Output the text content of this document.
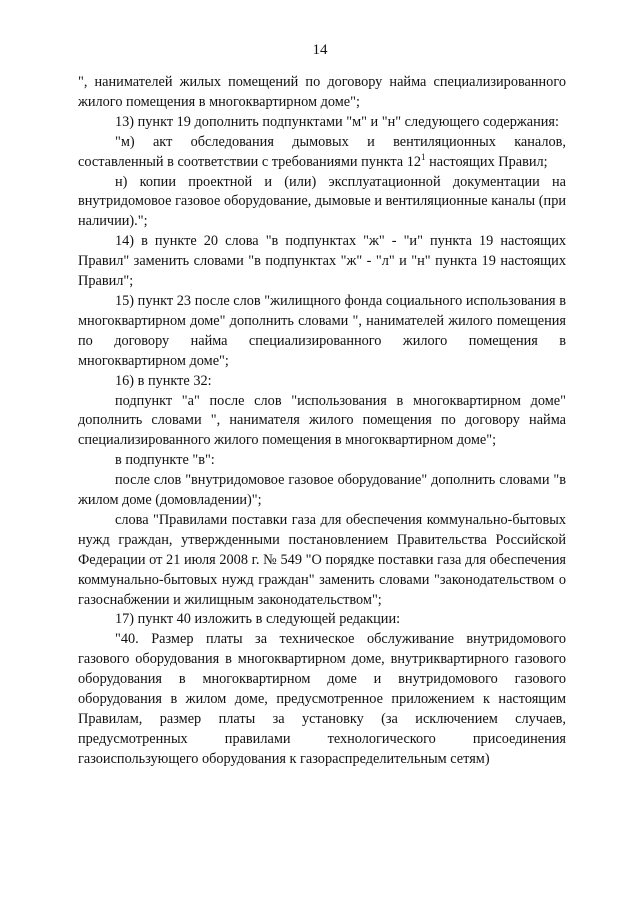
14

", нанимателей жилых помещений по договору найма специализированного жилого помещения в многоквартирном доме";

13) пункт 19 дополнить подпунктами "м" и "н" следующего содержания:

"м) акт обследования дымовых и вентиляционных каналов, составленный в соответствии с требованиями пункта $12^1$ настоящих Правил;

н) копии проектной и (или) эксплуатационной документации на внутридомовое газовое оборудование, дымовые и вентиляционные каналы (при наличии).";

14) в пункте 20 слова "в подпунктах "ж" - "и" пункта 19 настоящих Правил" заменить словами "в подпунктах "ж" - "л" и "н" пункта 19 настоящих Правил";

15) пункт 23 после слов "жилищного фонда социального использования в многоквартирном доме" дополнить словами ", нанимателей жилого помещения по договору найма специализированного жилого помещения в многоквартирном доме";

16) в пункте 32:

подпункт "а" после слов "использования в многоквартирном доме" дополнить словами ", нанимателя жилого помещения по договору найма специализированного жилого помещения в многоквартирном доме";

в подпункте "в":

после слов "внутридомовое газовое оборудование" дополнить словами "в жилом доме (домовладении)";

слова "Правилами поставки газа для обеспечения коммунально-бытовых нужд граждан, утвержденными постановлением Правительства Российской Федерации от 21 июля 2008 г. № 549 "О порядке поставки газа для обеспечения коммунально-бытовых нужд граждан" заменить словами "законодательством о газоснабжении и жилищным законодательством";

17) пункт 40 изложить в следующей редакции:

"40. Размер платы за техническое обслуживание внутридомового газового оборудования в многоквартирном доме, внутриквартирного газового оборудования в многоквартирном доме и внутридомового газового оборудования в жилом доме, предусмотренное приложением к настоящим Правилам, размер платы за установку (за исключением случаев, предусмотренных правилами технологического присоединения газоиспользующего оборудования к газораспределительным сетям)
